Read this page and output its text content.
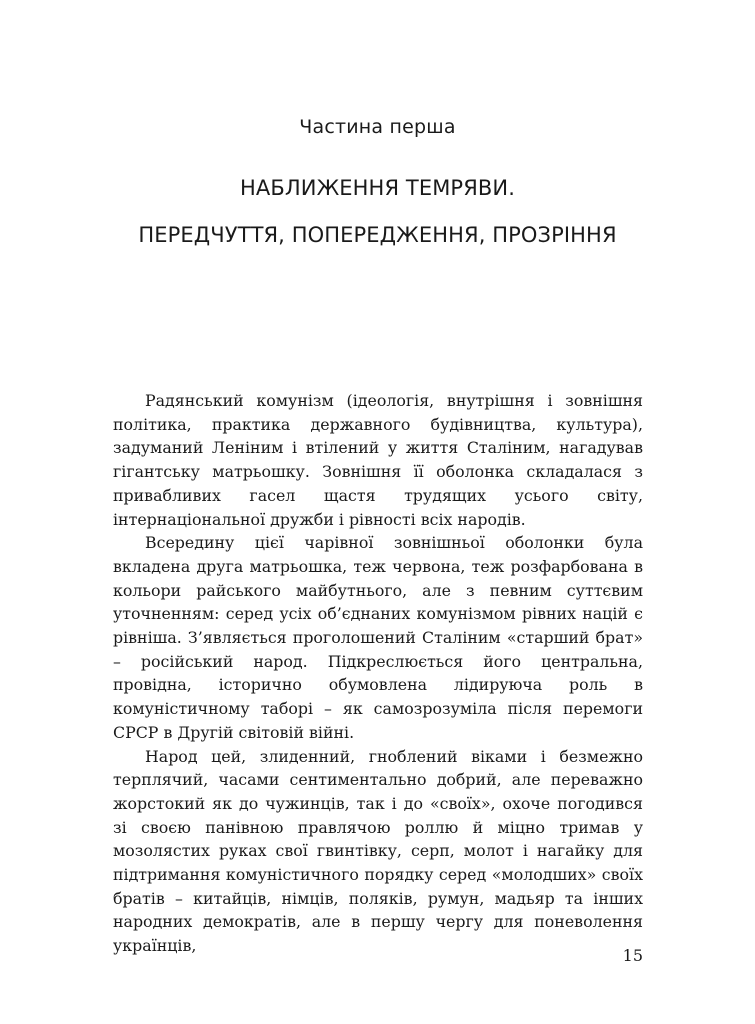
Частина перша
НАБЛИЖЕННЯ ТЕМРЯВИ.
ПЕРЕДЧУТТЯ, ПОПЕРЕДЖЕННЯ, ПРОЗРІННЯ

Радянський комунізм (ідеологія, внутрішня і зовнішня політика, практика державного будівництва, культура), задуманий Леніним і втілений у життя Сталіним, нагадував гігантську матрьошку. Зовнішня її оболонка складалася з привабливих гасел щастя трудящих усього світу, інтернаціональної дружби і рівності всіх народів.

Всередину цієї чарівної зовнішньої оболонки була вкладена друга матрьошка, теж червона, теж розфарбована в кольори райського майбутнього, але з певним суттєвим уточненням: серед усіх об’єднаних комунізмом рівних націй є рівніша. З’являється проголошений Сталіним «старший брат» – російський народ. Підкреслюється його центральна, провідна, історично обумовлена лідируюча роль в комуністичному таборі – як самозрозуміла після перемоги СРСР в Другій світовій війні.

Народ цей, злиденний, гноблений віками і безмежно терплячий, часами сентиментально добрий, але переважно жорстокий як до чужинців, так і до «своїх», охоче погодився зі своєю панівною правлячою роллю й міцно тримав у мозолястих руках свої гвинтівку, серп, молот і нагайку для підтримання комуністичного порядку серед «молодших» своїх братів – китайців, німців, поляків, румун, мадьяр та інших народних демократів, але в першу чергу для поневолення українців,

15
